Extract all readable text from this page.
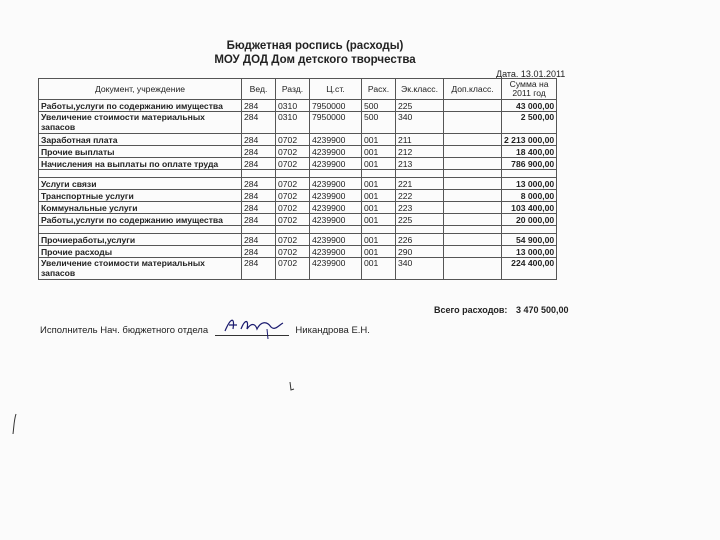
Бюджетная роспись (расходы)
МОУ ДОД Дом детского творчества
Дата. 13.01.2011
Документ, учреждение	Вед.	Разд.	Ц.ст.	Расх.	Эк.класс.	Доп.класс.	Сумма на 2011 год
Работы,услуги по содержанию имущества	284	0310	7950000	500	225		43 000,00
Увеличение стоимости материальных запасов	284	0310	7950000	500	340		2 500,00
Заработная плата	284	0702	4239900	001	211		2 213 000,00
Прочие выплаты	284	0702	4239900	001	212		18 400,00
Начисления на выплаты по оплате труда	284	0702	4239900	001	213		786 900,00

Услуги связи	284	0702	4239900	001	221		13 000,00
Транспортные услуги	284	0702	4239900	001	222		8 000,00
Коммунальные услуги	284	0702	4239900	001	223		103 400,00
Работы,услуги по содержанию имущества	284	0702	4239900	001	225		20 000,00

Прочиеработы,услуги	284	0702	4239900	001	226		54 900,00
Прочие расходы	284	0702	4239900	001	290		13 000,00
Увеличение стоимости материальных запасов	284	0702	4239900	001	340		224 400,00
Всего расходов: 3 470 500,00
Исполнитель Нач. бюджетного отдела	Никандрова Е.Н.
